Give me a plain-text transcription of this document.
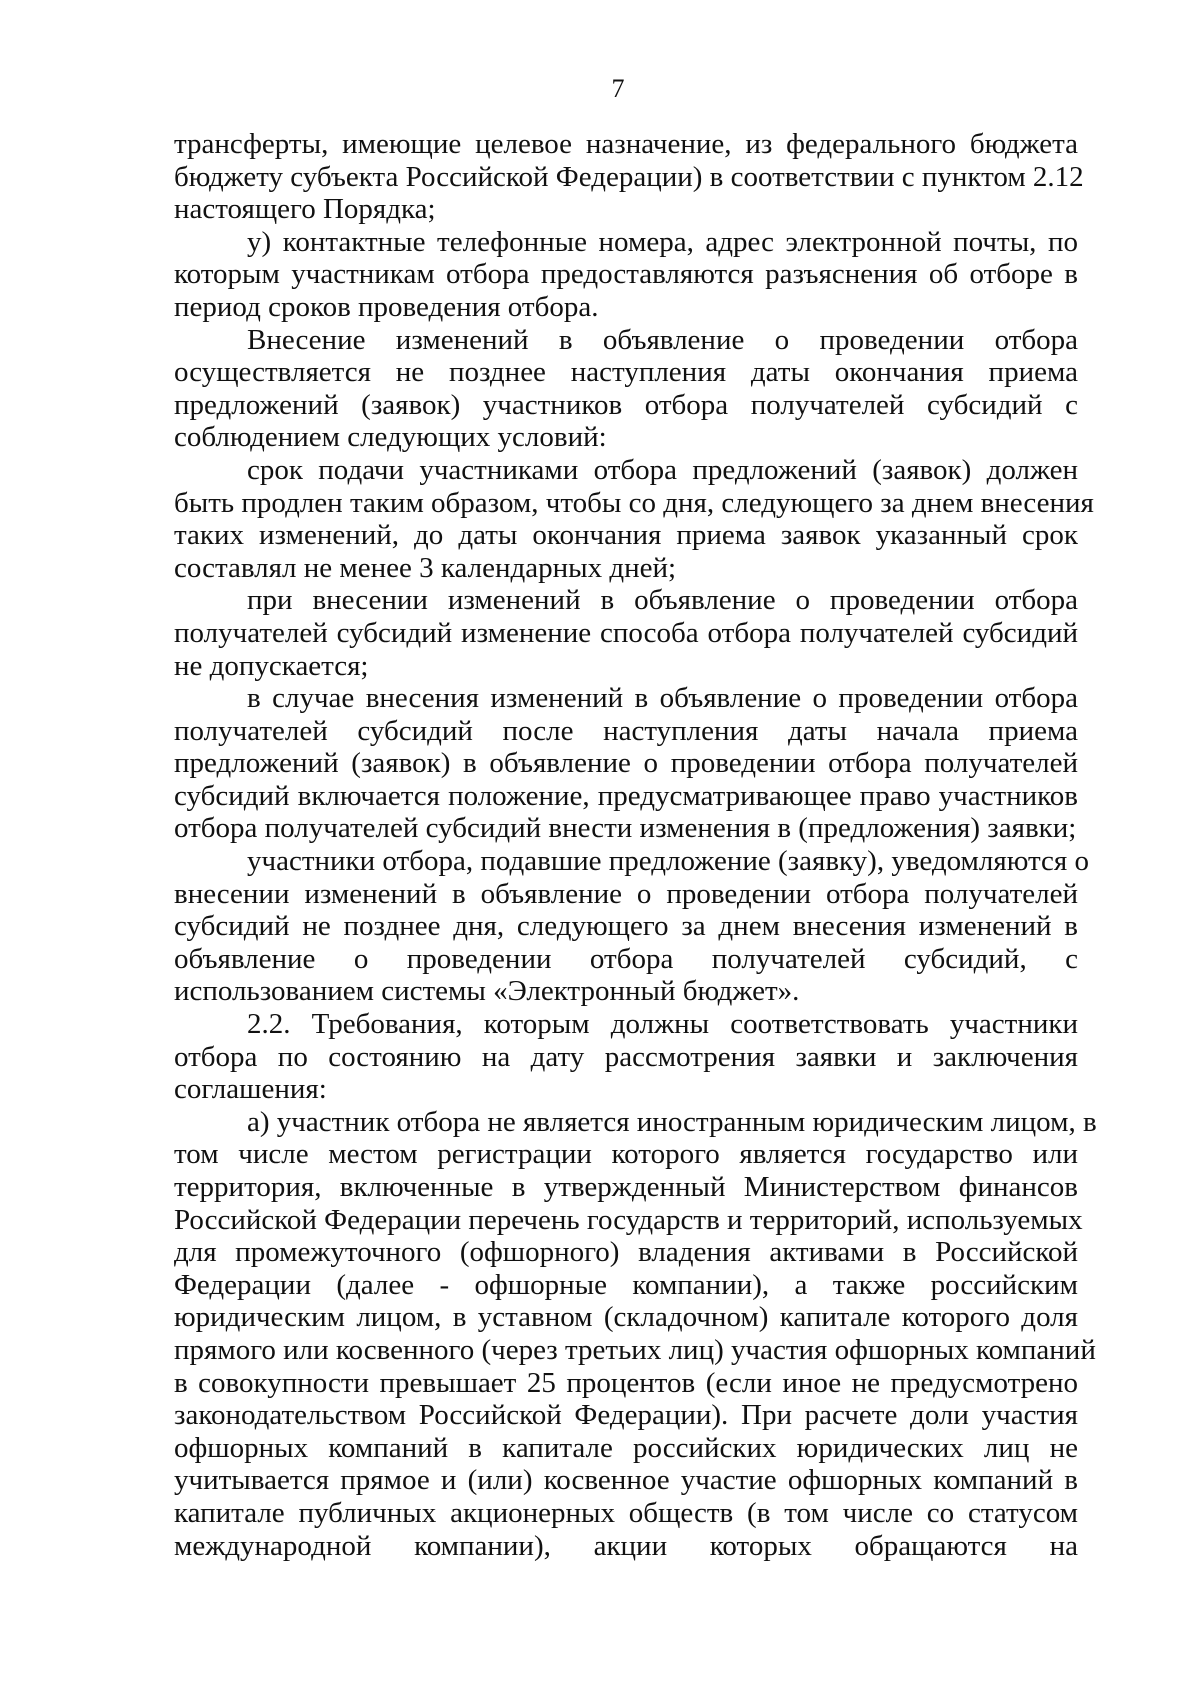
7
трансферты, имеющие целевое назначение, из федерального бюджета
бюджету субъекта Российской Федерации) в соответствии с пунктом 2.12
настоящего Порядка;
у) контактные телефонные номера, адрес электронной почты, по
которым участникам отбора предоставляются разъяснения об отборе в
период сроков проведения отбора.
Внесение изменений в объявление о проведении отбора
осуществляется не позднее наступления даты окончания приема
предложений (заявок) участников отбора получателей субсидий с
соблюдением следующих условий:
срок подачи участниками отбора предложений (заявок) должен
быть продлен таким образом, чтобы со дня, следующего за днем внесения
таких изменений, до даты окончания приема заявок указанный срок
составлял не менее 3 календарных дней;
при внесении изменений в объявление о проведении отбора
получателей субсидий изменение способа отбора получателей субсидий
не допускается;
в случае внесения изменений в объявление о проведении отбора
получателей субсидий после наступления даты начала приема
предложений (заявок) в объявление о проведении отбора получателей
субсидий включается положение, предусматривающее право участников
отбора получателей субсидий внести изменения в (предложения) заявки;
участники отбора, подавшие предложение (заявку), уведомляются о
внесении изменений в объявление о проведении отбора получателей
субсидий не позднее дня, следующего за днем внесения изменений в
объявление о проведении отбора получателей субсидий, с
использованием системы «Электронный бюджет».
2.2. Требования, которым должны соответствовать участники
отбора по состоянию на дату рассмотрения заявки и заключения
соглашения:
а) участник отбора не является иностранным юридическим лицом, в
том числе местом регистрации которого является государство или
территория, включенные в утвержденный Министерством финансов
Российской Федерации перечень государств и территорий, используемых
для промежуточного (офшорного) владения активами в Российской
Федерации (далее - офшорные компании), а также российским
юридическим лицом, в уставном (складочном) капитале которого доля
прямого или косвенного (через третьих лиц) участия офшорных компаний
в совокупности превышает 25 процентов (если иное не предусмотрено
законодательством Российской Федерации). При расчете доли участия
офшорных компаний в капитале российских юридических лиц не
учитывается прямое и (или) косвенное участие офшорных компаний в
капитале публичных акционерных обществ (в том числе со статусом
международной компании), акции которых обращаются на
